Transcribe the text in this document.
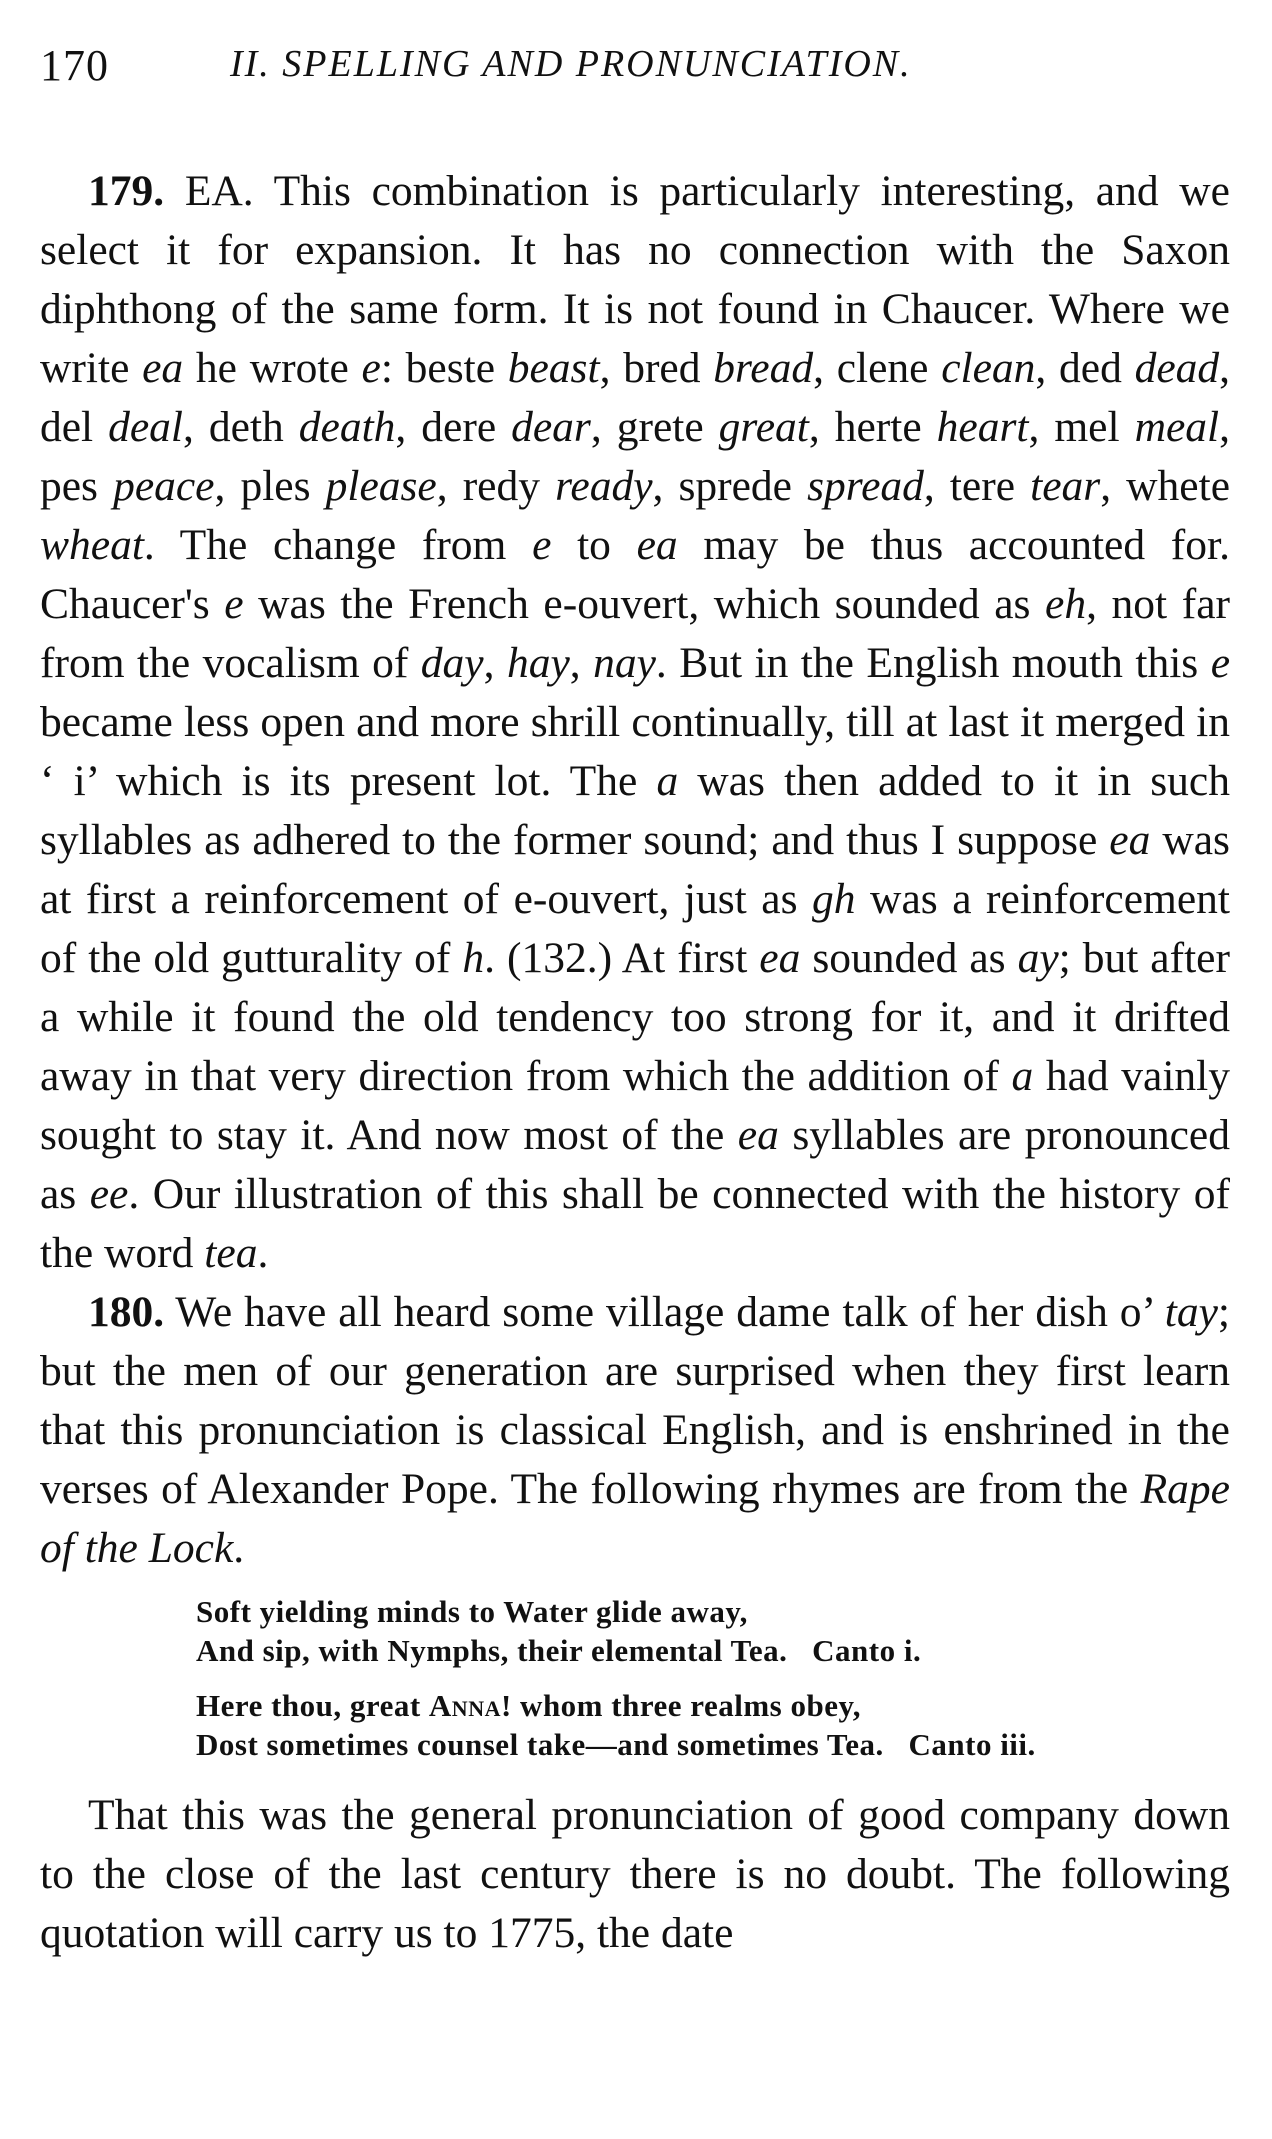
170	II. SPELLING AND PRONUNCIATION.

179. EA. This combination is particularly interesting, and we select it for expansion. It has no connection with the Saxon diphthong of the same form. It is not found in Chaucer. Where we write ea he wrote e: beste beast, bred bread, clene clean, ded dead, del deal, deth death, dere dear, grete great, herte heart, mel meal, pes peace, ples please, redy ready, sprede spread, tere tear, whete wheat. The change from e to ea may be thus accounted for. Chaucer's e was the French e-ouvert, which sounded as eh, not far from the vocalism of day, hay, nay. But in the English mouth this e became less open and more shrill continually, till at last it merged in ‘ i’ which is its present lot. The a was then added to it in such syllables as adhered to the former sound; and thus I suppose ea was at first a reinforcement of e-ouvert, just as gh was a reinforcement of the old gutturality of h. (132.) At first ea sounded as ay; but after a while it found the old tendency too strong for it, and it drifted away in that very direction from which the addition of a had vainly sought to stay it. And now most of the ea syllables are pronounced as ee. Our illustration of this shall be connected with the history of the word tea.

180. We have all heard some village dame talk of her dish o’ tay; but the men of our generation are surprised when they first learn that this pronunciation is classical English, and is enshrined in the verses of Alexander Pope. The following rhymes are from the Rape of the Lock.

Soft yielding minds to Water glide away,
And sip, with Nymphs, their elemental Tea.   Canto i.
Here thou, great Anna! whom three realms obey,
Dost sometimes counsel take—and sometimes Tea.   Canto iii.

That this was the general pronunciation of good company down to the close of the last century there is no doubt. The following quotation will carry us to 1775, the date
